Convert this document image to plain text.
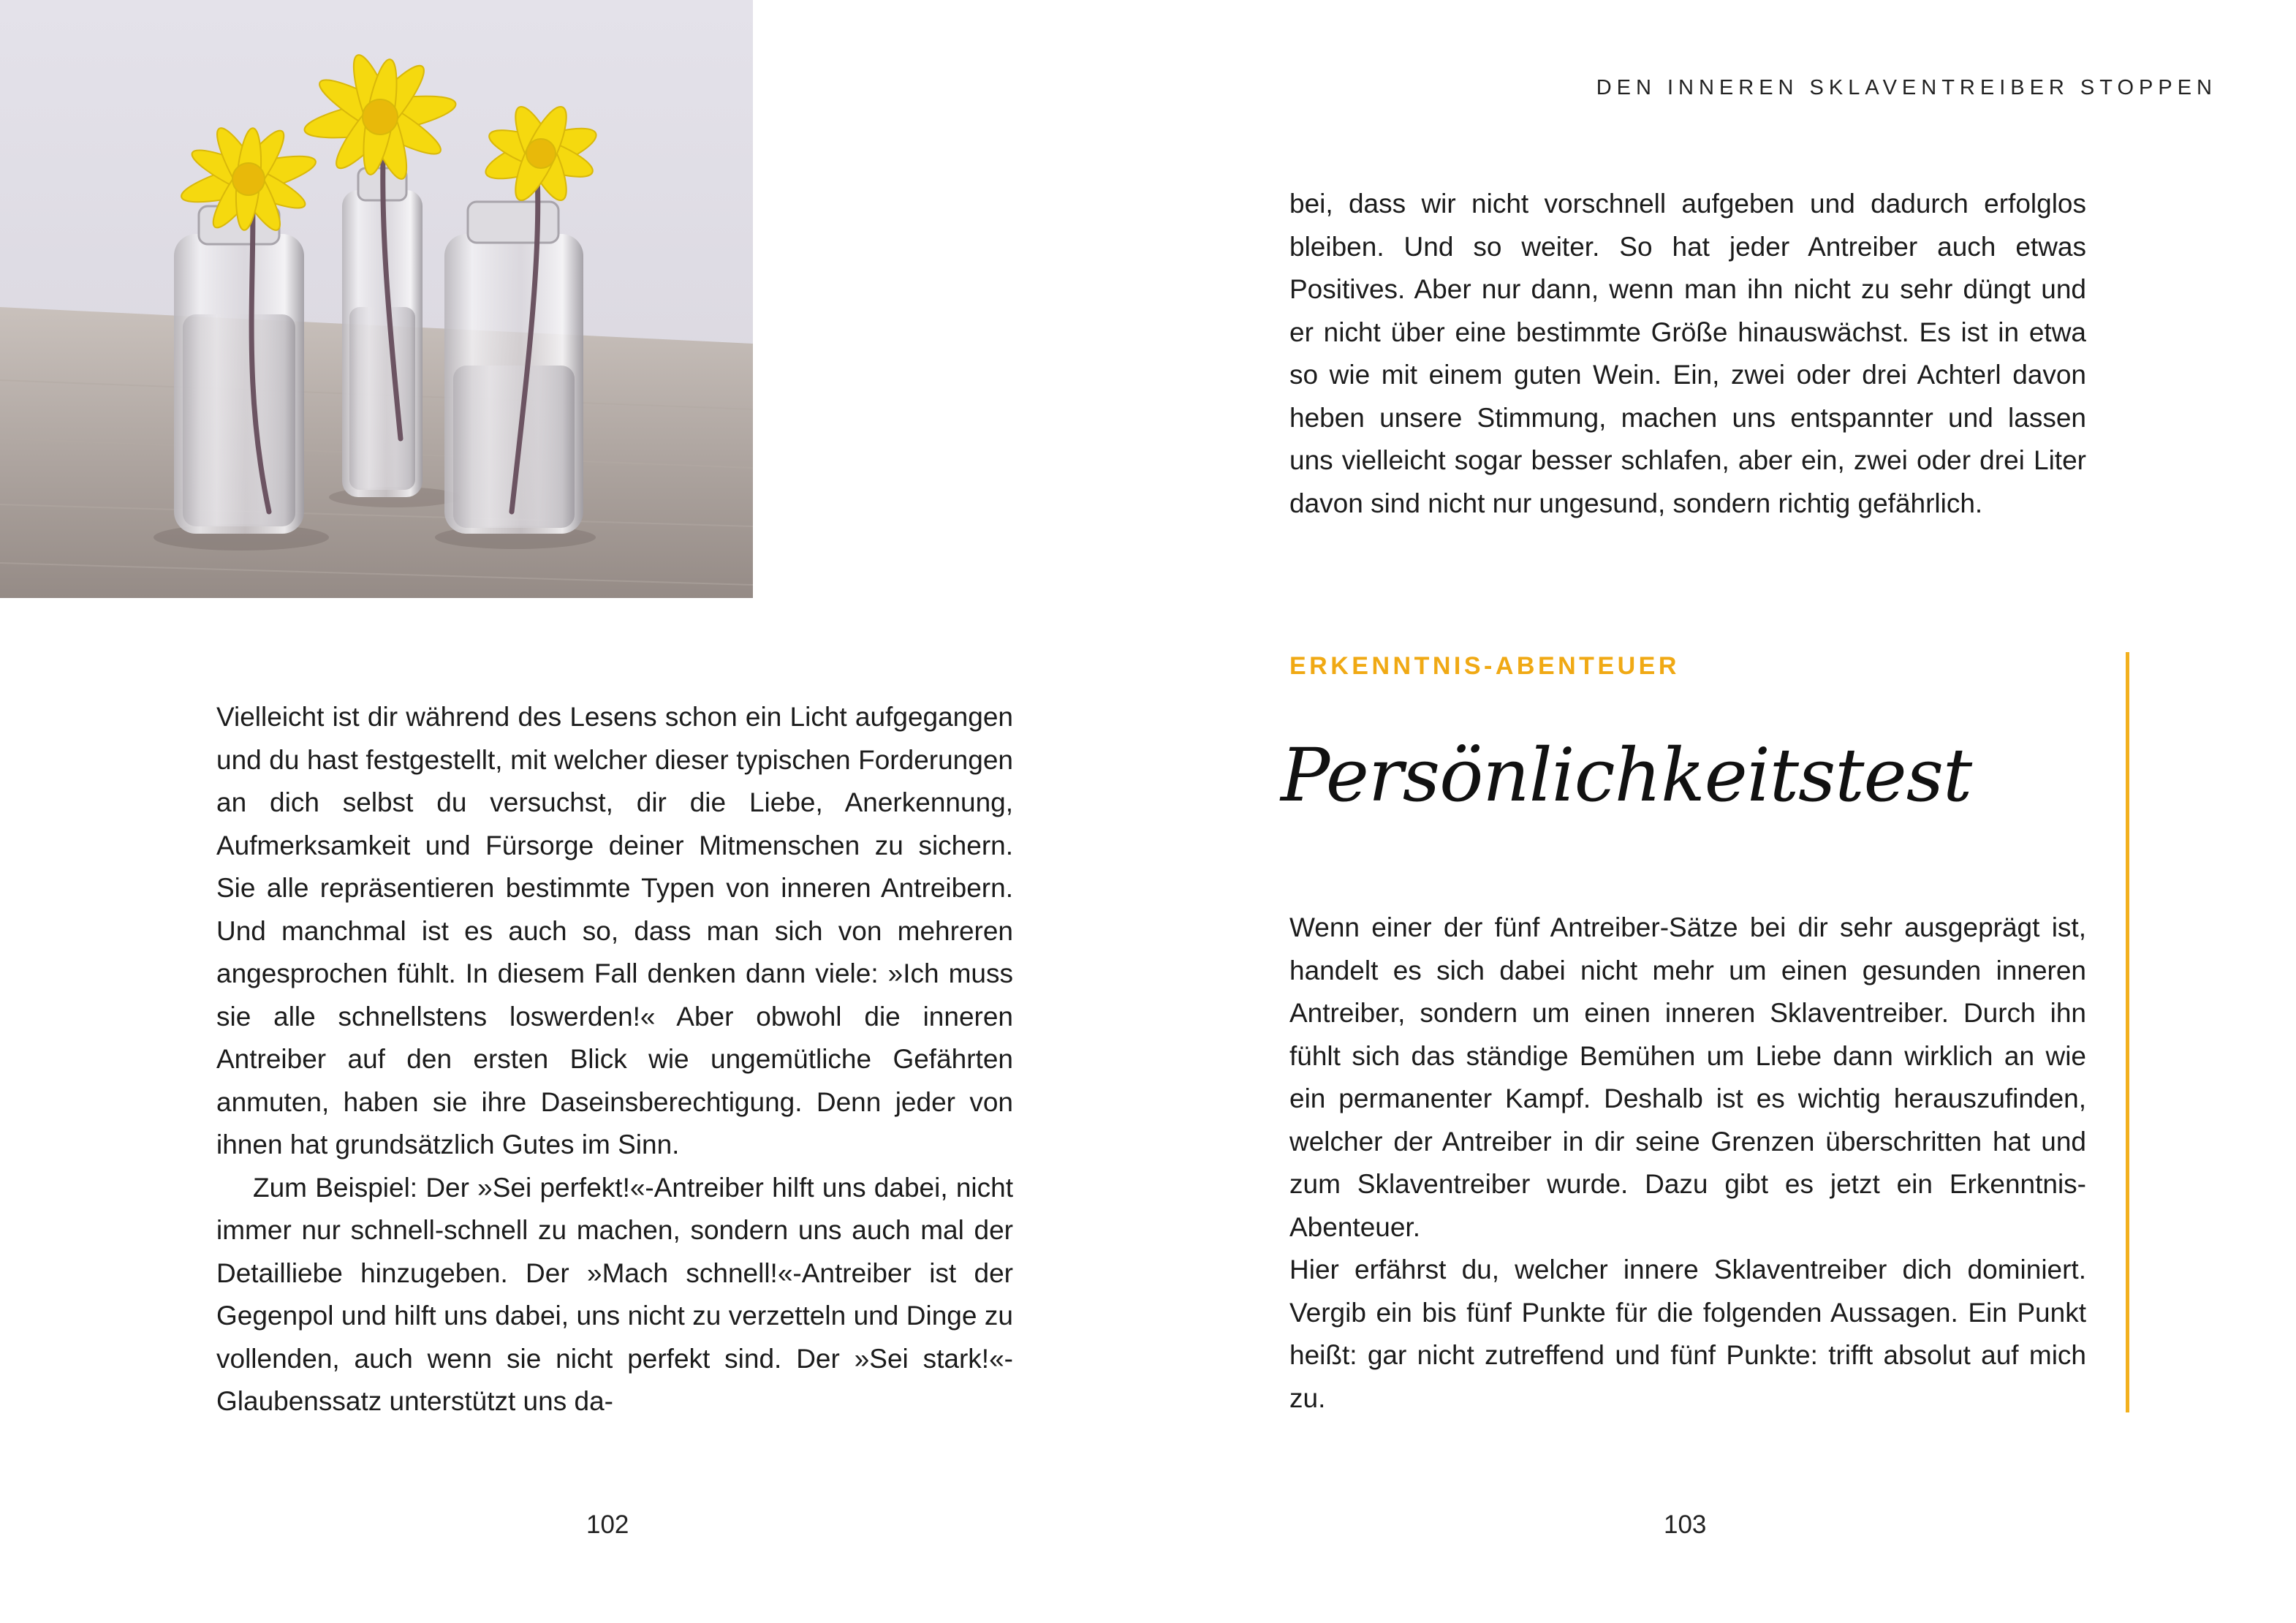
DEN INNEREN SKLAVENTREIBER STOPPEN

Vielleicht ist dir während des Lesens schon ein Licht aufgegangen und du hast festgestellt, mit welcher dieser typischen Forderungen an dich selbst du versuchst, dir die Liebe, Anerkennung, Aufmerksamkeit und Fürsorge deiner Mitmenschen zu sichern. Sie alle repräsentieren bestimmte Typen von inneren Antreibern. Und manchmal ist es auch so, dass man sich von mehreren angesprochen fühlt. In diesem Fall denken dann viele: »Ich muss sie alle schnellstens loswerden!« Aber obwohl die inneren Antreiber auf den ersten Blick wie ungemütliche Gefährten anmuten, haben sie ihre Daseinsberechtigung. Denn jeder von ihnen hat grundsätzlich Gutes im Sinn.

Zum Beispiel: Der »Sei perfekt!«-Antreiber hilft uns dabei, nicht immer nur schnell-schnell zu machen, sondern uns auch mal der Detailliebe hinzugeben. Der »Mach schnell!«-Antreiber ist der Gegenpol und hilft uns dabei, uns nicht zu verzetteln und Dinge zu vollenden, auch wenn sie nicht perfekt sind. Der »Sei stark!«-Glaubenssatz unterstützt uns da-

bei, dass wir nicht vorschnell aufgeben und dadurch erfolglos bleiben. Und so weiter. So hat jeder Antreiber auch etwas Positives. Aber nur dann, wenn man ihn nicht zu sehr düngt und er nicht über eine bestimmte Größe hinauswächst. Es ist in etwa so wie mit einem guten Wein. Ein, zwei oder drei Achterl davon heben unsere Stimmung, machen uns entspannter und lassen uns vielleicht sogar besser schlafen, aber ein, zwei oder drei Liter davon sind nicht nur ungesund, sondern richtig gefährlich.

ERKENNTNIS-ABENTEUER
Persönlichkeitstest

Wenn einer der fünf Antreiber-Sätze bei dir sehr ausgeprägt ist, handelt es sich dabei nicht mehr um einen gesunden inneren Antreiber, sondern um einen inneren Sklaventreiber. Durch ihn fühlt sich das ständige Bemühen um Liebe dann wirklich an wie ein permanenter Kampf. Deshalb ist es wichtig herauszufinden, welcher der Antreiber in dir seine Grenzen überschritten hat und zum Sklaventreiber wurde. Dazu gibt es jetzt ein Erkenntnis-Abenteuer.

Hier erfährst du, welcher innere Sklaventreiber dich dominiert. Vergib ein bis fünf Punkte für die folgenden Aussagen. Ein Punkt heißt: gar nicht zutreffend und fünf Punkte: trifft absolut auf mich zu.

102	103
